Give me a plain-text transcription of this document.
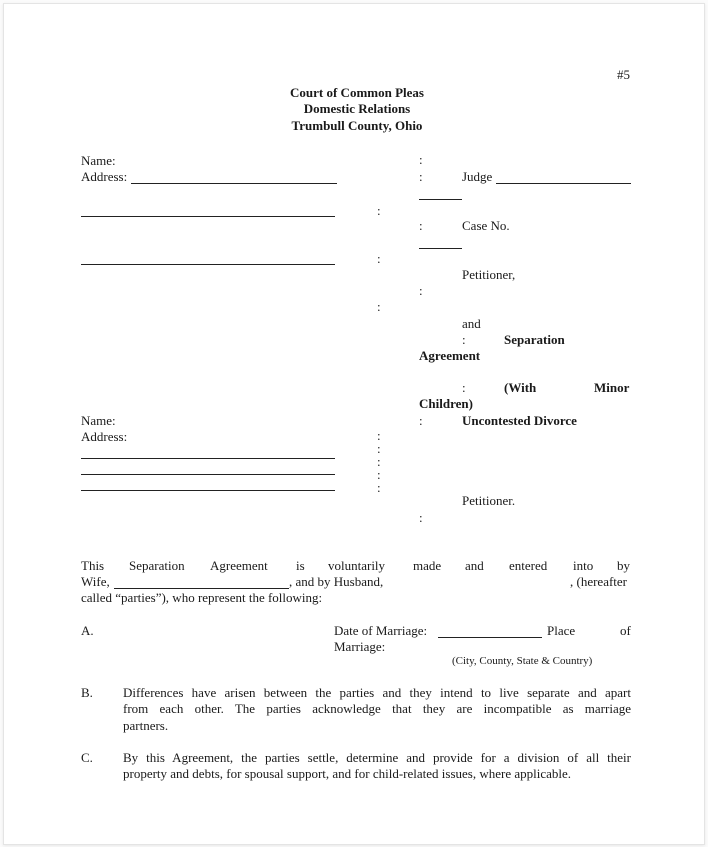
#5
Court of Common Pleas
Domestic Relations
Trumbull County, Ohio
Name:
Address:
:
:
:
:
:	Judge
:	Case No.
Petitioner,
:
and
:	Separation
Agreement
:	(With	Minor
Children)
:	Uncontested Divorce
Petitioner.
:
Name:
Address:	:
:
:
:
:
This Separation Agreement is voluntarily made and entered into by
Wife,	, and by Husband,	, (hereafter
called “parties”), who represent the following:
A.	Date of Marriage:	Place	of
Marriage:
(City, County, State & Country)
B. Differences have arisen between the parties and they intend to live separate and apart
from each other. The parties acknowledge that they are incompatible as marriage
partners.
C. By this Agreement, the parties settle, determine and provide for a division of all their
property and debts, for spousal support, and for child-related issues, where applicable.
